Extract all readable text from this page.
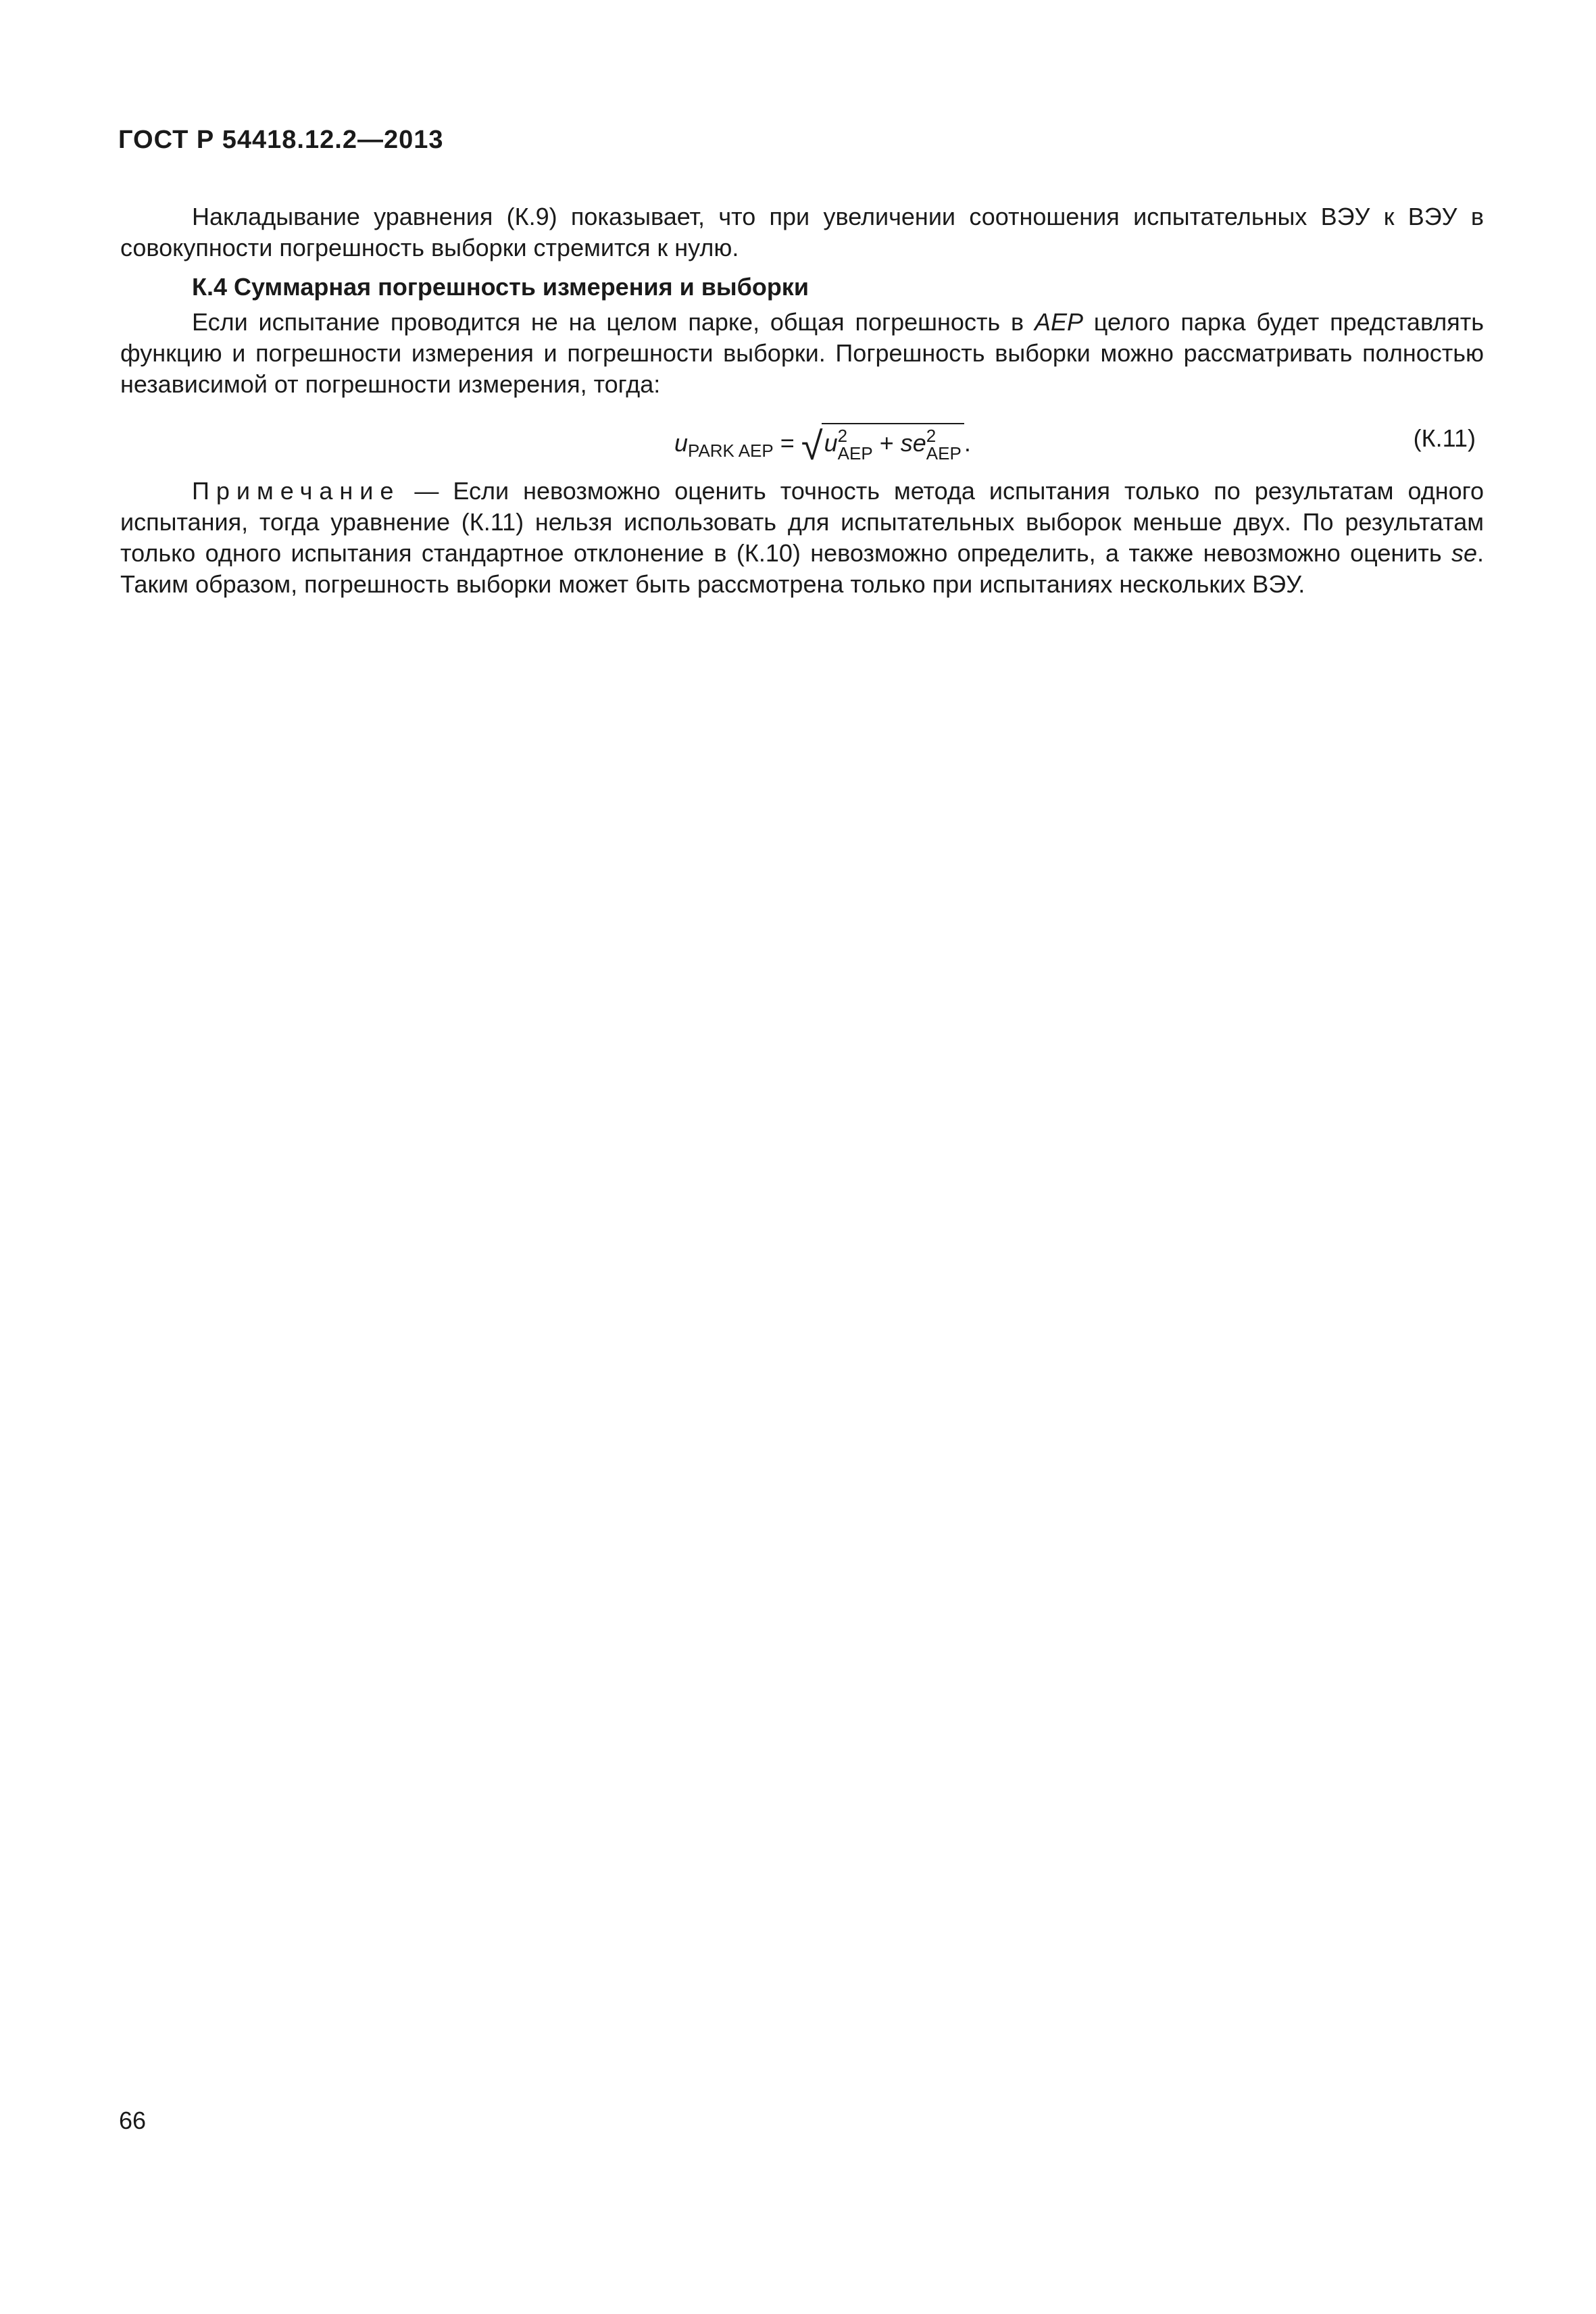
ГОСТ Р 54418.12.2—2013

Накладывание уравнения (К.9) показывает, что при увеличении соотношения испытательных ВЭУ к ВЭУ в совокупности погрешность выборки стремится к нулю.

К.4 Суммарная погрешность измерения и выборки

Если испытание проводится не на целом парке, общая погрешность в AEP целого парка будет представлять функцию и погрешности измерения и погрешности выборки. Погрешность выборки можно рассматривать полностью независимой от погрешности измерения, тогда:

$u_{PARK AEP} = √u$ 2
AEP + se 2
AEP .	(К.11)

Примечание — Если невозможно оценить точность метода испытания только по результатам одного испытания, тогда уравнение (К.11) нельзя использовать для испытательных выборок меньше двух. По результатам только одного испытания стандартное отклонение в (К.10) невозможно определить, а также невозможно оценить se. Таким образом, погрешность выборки может быть рассмотрена только при испытаниях нескольких ВЭУ.

66
